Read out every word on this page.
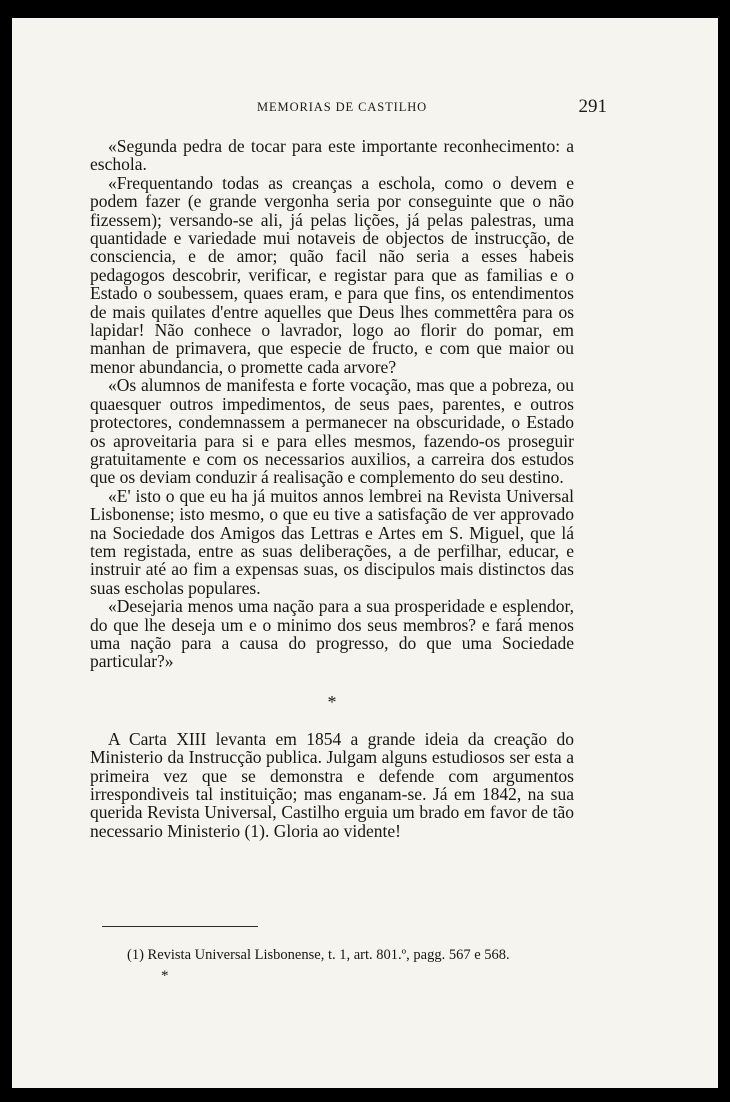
MEMORIAS DE CASTILHO	291

«Segunda pedra de tocar para este importante reconhecimento: a eschola.

«Frequentando todas as creanças a eschola, como o devem e podem fazer (e grande vergonha seria por conseguinte que o não fizessem); versando-se ali, já pelas lições, já pelas palestras, uma quantidade e variedade mui notaveis de objectos de instrucção, de consciencia, e de amor; quão facil não seria a esses habeis pedagogos descobrir, verificar, e registar para que as familias e o Estado o soubessem, quaes eram, e para que fins, os entendimentos de mais quilates d'entre aquelles que Deus lhes commettêra para os lapidar! Não conhece o lavrador, logo ao florir do pomar, em manhan de primavera, que especie de fructo, e com que maior ou menor abundancia, o promette cada arvore?

«Os alumnos de manifesta e forte vocação, mas que a pobreza, ou quaesquer outros impedimentos, de seus paes, parentes, e outros protectores, condemnassem a permanecer na obscuridade, o Estado os aproveitaria para si e para elles mesmos, fazendo-os proseguir gratuitamente e com os necessarios auxilios, a carreira dos estudos que os deviam conduzir á realisação e complemento do seu destino.

«E' isto o que eu ha já muitos annos lembrei na Revista Universal Lisbonense; isto mesmo, o que eu tive a satisfação de ver approvado na Sociedade dos Amigos das Lettras e Artes em S. Miguel, que lá tem registada, entre as suas deliberações, a de perfilhar, educar, e instruir até ao fim a expensas suas, os discipulos mais distinctos das suas escholas populares.

«Desejaria menos uma nação para a sua prosperidade e esplendor, do que lhe deseja um e o minimo dos seus membros? e fará menos uma nação para a causa do progresso, do que uma Sociedade particular?»

*

A Carta XIII levanta em 1854 a grande ideia da creação do Ministerio da Instrucção publica. Julgam alguns estudiosos ser esta a primeira vez que se demonstra e defende com argumentos irrespondiveis tal instituição; mas enganam-se. Já em 1842, na sua querida Revista Universal, Castilho erguia um brado em favor de tão necessario Ministerio (1). Gloria ao vidente!

(1) Revista Universal Lisbonense, t. 1, art. 801.º, pagg. 567 e 568.
*
